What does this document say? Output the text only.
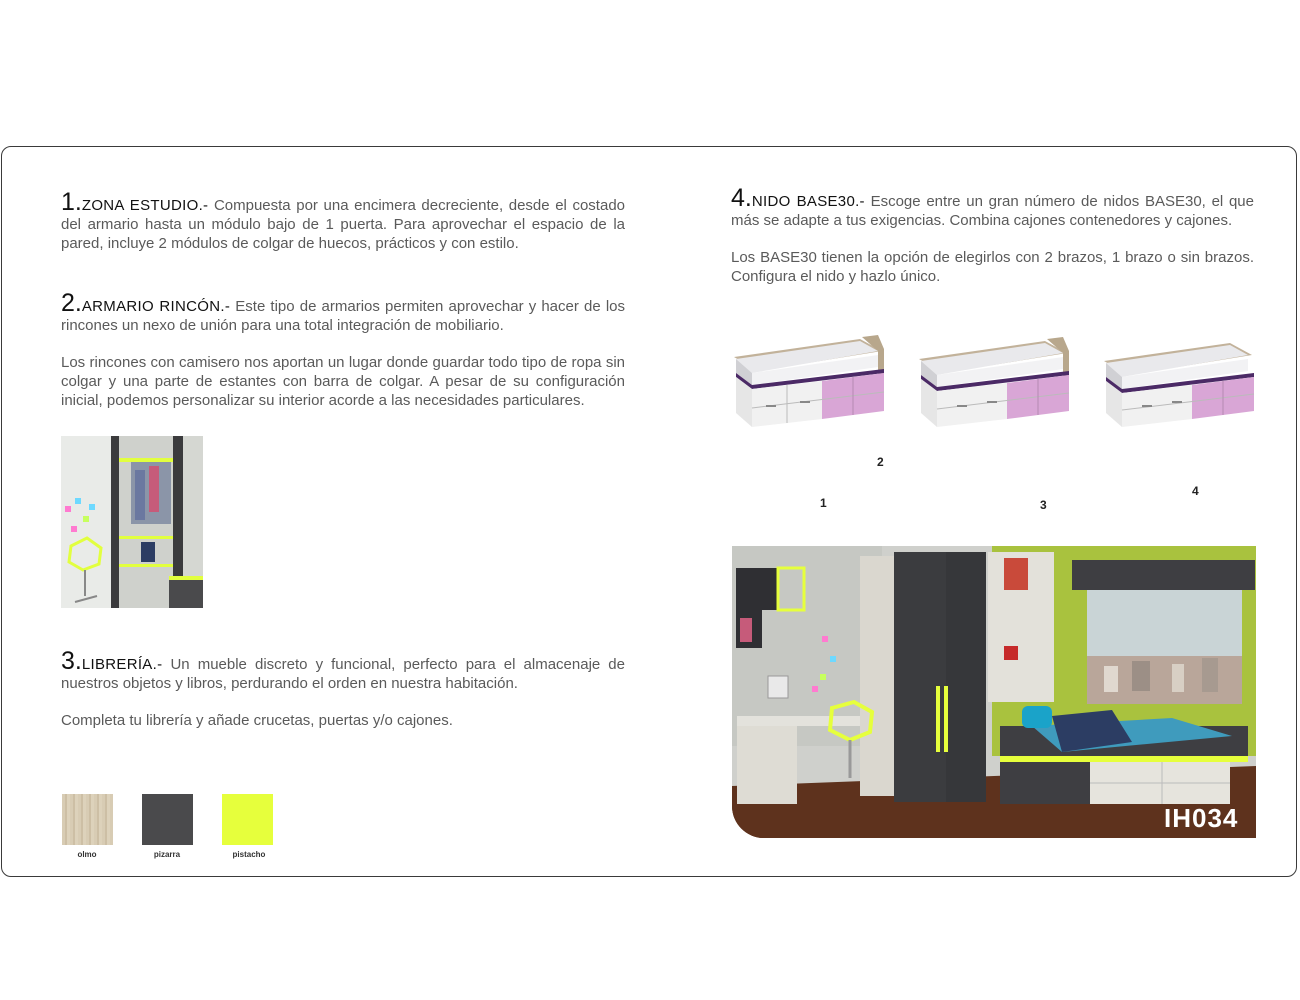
1.ZONA ESTUDIO.- Compuesta por una encimera decreciente, desde el costado del armario hasta un módulo bajo de 1 puerta. Para aprovechar el espacio de la pared, incluye 2 módulos de colgar de huecos, prácticos y con estilo.

2.ARMARIO RINCÓN.- Este tipo de armarios permiten aprovechar y hacer de los rincones un nexo de unión para una total integración de mobiliario.

Los rincones con camisero nos aportan un lugar donde guardar todo tipo de ropa sin colgar y una parte de estantes con barra de colgar. A pesar de su configuración inicial, podemos personalizar su interior acorde a las necesidades particulares.

3.LIBRERÍA.- Un mueble discreto y funcional, perfecto para el almacenaje de nuestros objetos y libros, perdurando el orden en nuestra habitación.

Completa tu librería y añade crucetas, puertas y/o cajones.

olmo	pizarra	pistacho

4.NIDO BASE30.- Escoge entre un gran número de nidos BASE30, el que más se adapte a tus exigencias. Combina cajones contenedores y cajones.

Los BASE30 tienen la opción de elegirlos con 2 brazos, 1 brazo o sin brazos. Configura el nido y hazlo único.

1
2
3
4
IH034
